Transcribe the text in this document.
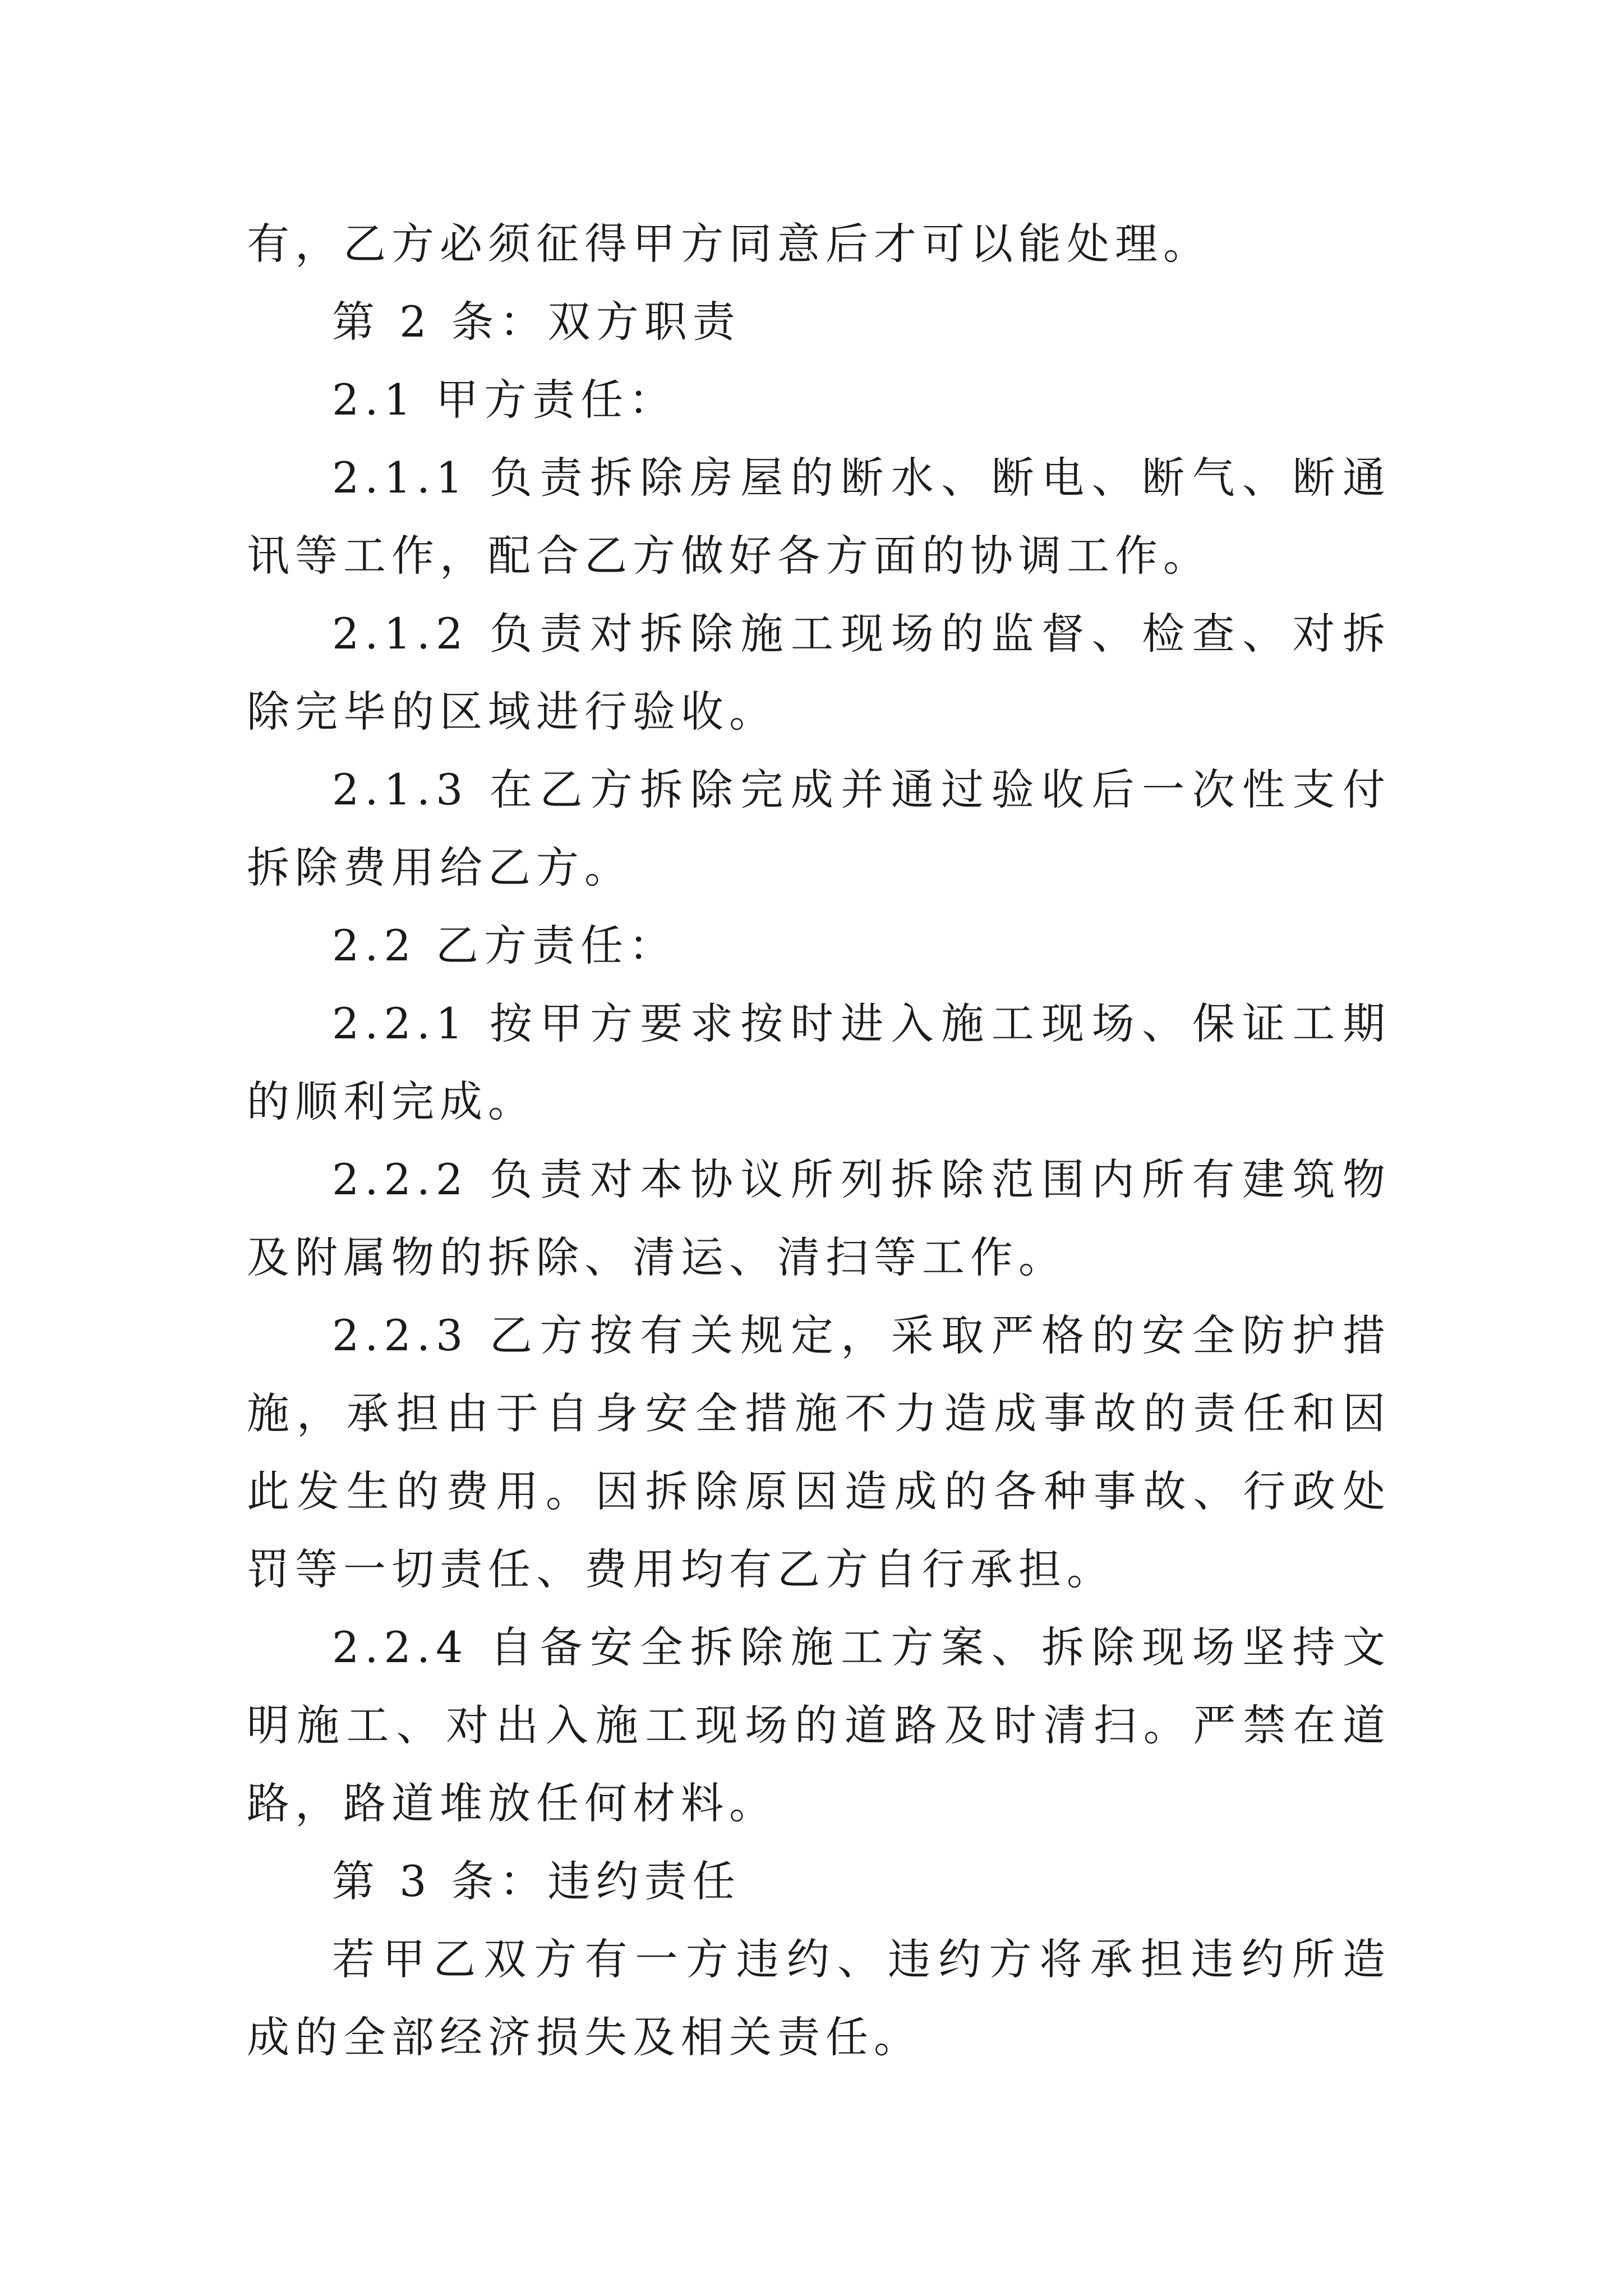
有，乙方必须征得甲方同意后才可以能处理。

第 2 条：双方职责

2.1 甲方责任：

2.1.1 负责拆除房屋的断水、断电、断气、断通讯等工作，配合乙方做好各方面的协调工作。

2.1.2 负责对拆除施工现场的监督、检查、对拆除完毕的区域进行验收。

2.1.3 在乙方拆除完成并通过验收后一次性支付拆除费用给乙方。

2.2 乙方责任：

2.2.1 按甲方要求按时进入施工现场、保证工期的顺利完成。

2.2.2 负责对本协议所列拆除范围内所有建筑物及附属物的拆除、清运、清扫等工作。

2.2.3 乙方按有关规定，采取严格的安全防护措施，承担由于自身安全措施不力造成事故的责任和因此发生的费用。因拆除原因造成的各种事故、行政处罚等一切责任、费用均有乙方自行承担。

2.2.4 自备安全拆除施工方案、拆除现场坚持文明施工、对出入施工现场的道路及时清扫。严禁在道路，路道堆放任何材料。

第 3 条：违约责任

若甲乙双方有一方违约、违约方将承担违约所造成的全部经济损失及相关责任。
